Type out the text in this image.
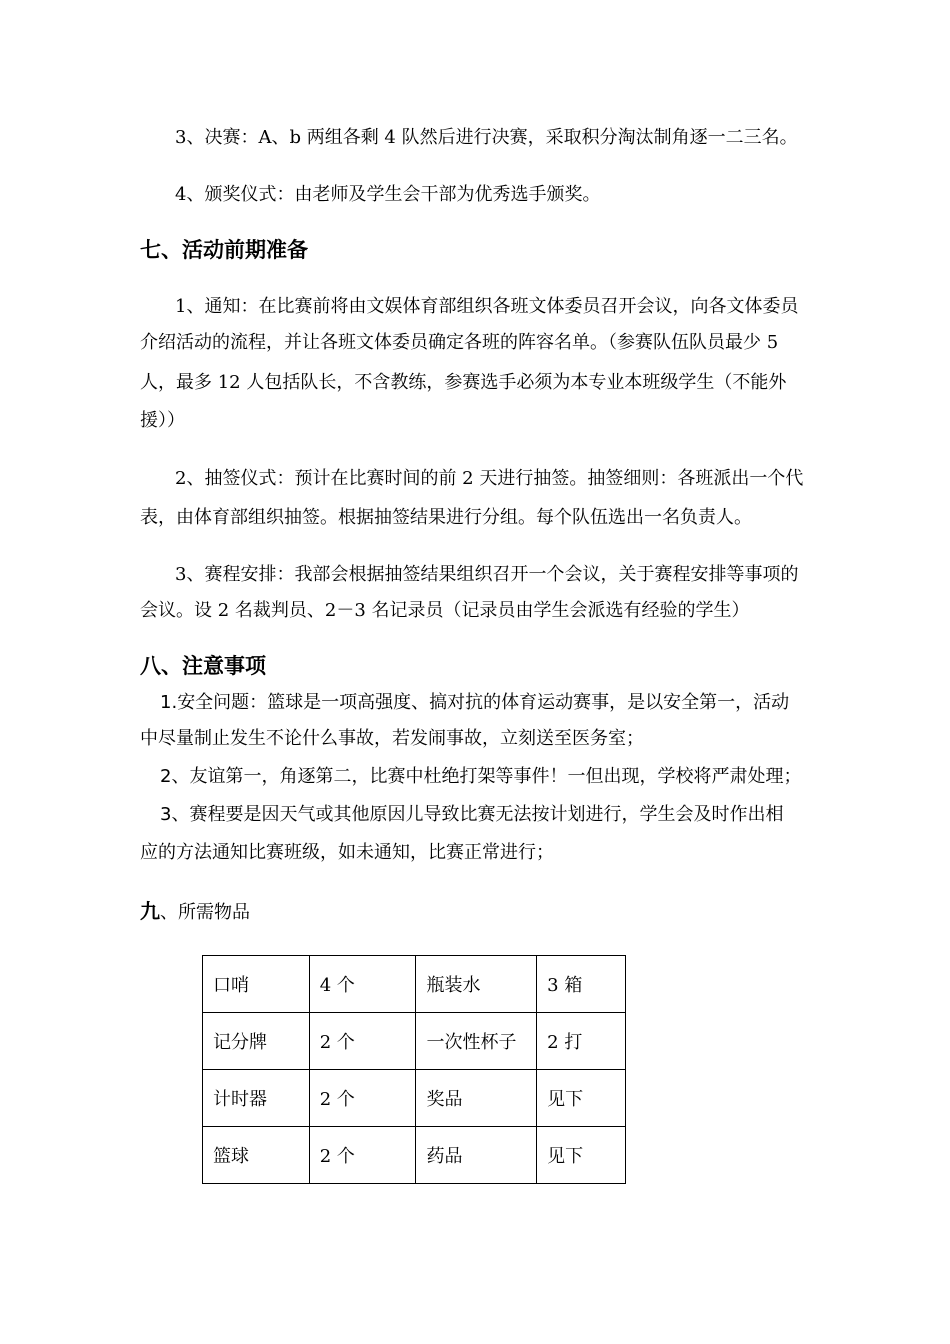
3、决赛：A、b 两组各剩 4 队然后进行决赛，采取积分淘汰制角逐一二三名。
4、颁奖仪式：由老师及学生会干部为优秀选手颁奖。
七、活动前期准备
1、通知：在比赛前将由文娱体育部组织各班文体委员召开会议，向各文体委员
介绍活动的流程，并让各班文体委员确定各班的阵容名单。（参赛队伍队员最少 5
人，最多 12 人包括队长，不含教练，参赛选手必须为本专业本班级学生（不能外
援））
2、抽签仪式：预计在比赛时间的前 2 天进行抽签。抽签细则：各班派出一个代
表，由体育部组织抽签。根据抽签结果进行分组。每个队伍选出一名负责人。
3、赛程安排：我部会根据抽签结果组织召开一个会议，关于赛程安排等事项的
会议。设 2 名裁判员、2－3 名记录员（记录员由学生会派选有经验的学生）
八、注意事项
1.安全问题：篮球是一项高强度、搞对抗的体育运动赛事，是以安全第一，活动
中尽量制止发生不论什么事故，若发闹事故，立刻送至医务室；
2、友谊第一，角逐第二，比赛中杜绝打架等事件！一但出现，学校将严肃处理；
3、赛程要是因天气或其他原因儿导致比赛无法按计划进行，学生会及时作出相
应的方法通知比赛班级，如未通知，比赛正常进行；
九、所需物品
口哨	4 个	瓶装水	3 箱
记分牌	2 个	一次性杯子	2 打
计时器	2 个	奖品	见下
篮球	2 个	药品	见下
